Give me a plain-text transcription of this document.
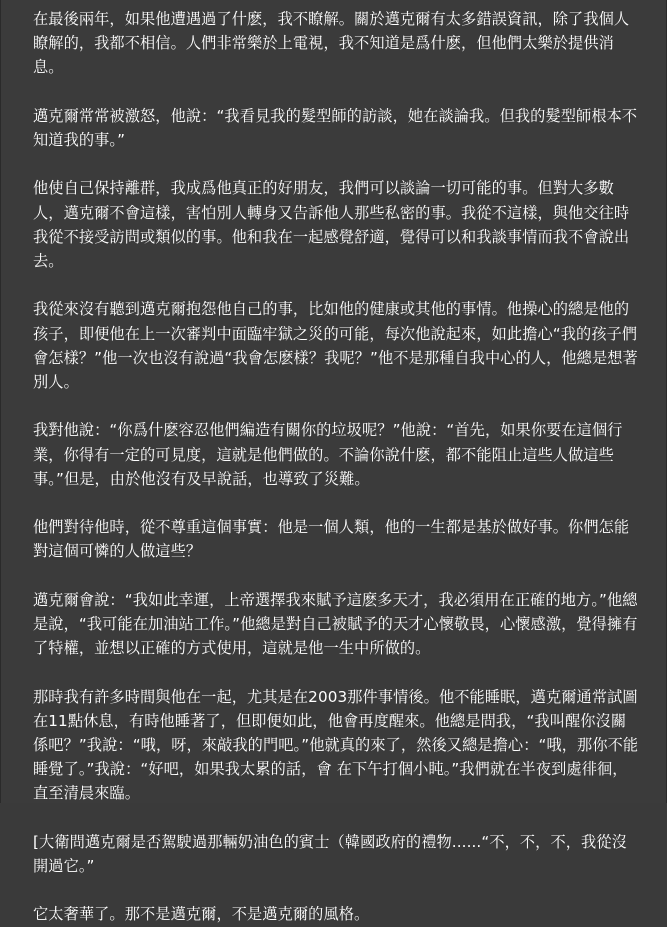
在最後兩年，如果他遭遇過了什麽，我不瞭解。關於邁克爾有太多錯誤資訊，除了我個人瞭解的，我都不相信。人們非常樂於上電視，我不知道是爲什麽，但他們太樂於提供消息。

邁克爾常常被激怒，他說：“我看見我的髮型師的訪談，她在談論我。但我的髮型師根本不知道我的事。”

他使自己保持離群，我成爲他真正的好朋友，我們可以談論一切可能的事。但對大多數人，邁克爾不會這樣，害怕別人轉身又告訴他人那些私密的事。我從不這樣，與他交往時我從不接受訪問或類似的事。他和我在一起感覺舒適，覺得可以和我談事情而我不會說出去。

我從來沒有聽到邁克爾抱怨他自己的事，比如他的健康或其他的事情。他操心的總是他的孩子，即便他在上一次審判中面臨牢獄之災的可能，每次他說起來，如此擔心“我的孩子們會怎樣？”他一次也沒有說過“我會怎麽樣？我呢？”他不是那種自我中心的人，他總是想著別人。

我對他說：“你爲什麽容忍他們編造有關你的垃圾呢？”他說：“首先，如果你要在這個行業，你得有一定的可見度，這就是他們做的。不論你說什麽，都不能阻止這些人做這些事。”但是，由於他沒有及早說話，也導致了災難。

他們對待他時，從不尊重這個事實：他是一個人類，他的一生都是基於做好事。你們怎能對這個可憐的人做這些？

邁克爾會說：“我如此幸運，上帝選擇我來賦予這麽多天才，我必須用在正確的地方。”他總是說，“我可能在加油站工作。”他總是對自己被賦予的天才心懷敬畏，心懷感激，覺得擁有了特權，並想以正確的方式使用，這就是他一生中所做的。

那時我有許多時間與他在一起，尤其是在2003那件事情後。他不能睡眠，邁克爾通常試圖在11點休息，有時他睡著了，但即便如此，他會再度醒來。他總是問我，“我叫醒你沒關係吧？”我說：“哦，呀，來敲我的門吧。”他就真的來了，然後又總是擔心：“哦，那你不能睡覺了。”我說：“好吧，如果我太累的話，會 在下午打個小盹。”我們就在半夜到處徘徊，直至清晨來臨。

[大衛問邁克爾是否駕駛過那輛奶油色的賓士（韓國政府的禮物......“不，不，不，我從沒開過它。”

它太奢華了。那不是邁克爾，不是邁克爾的風格。
